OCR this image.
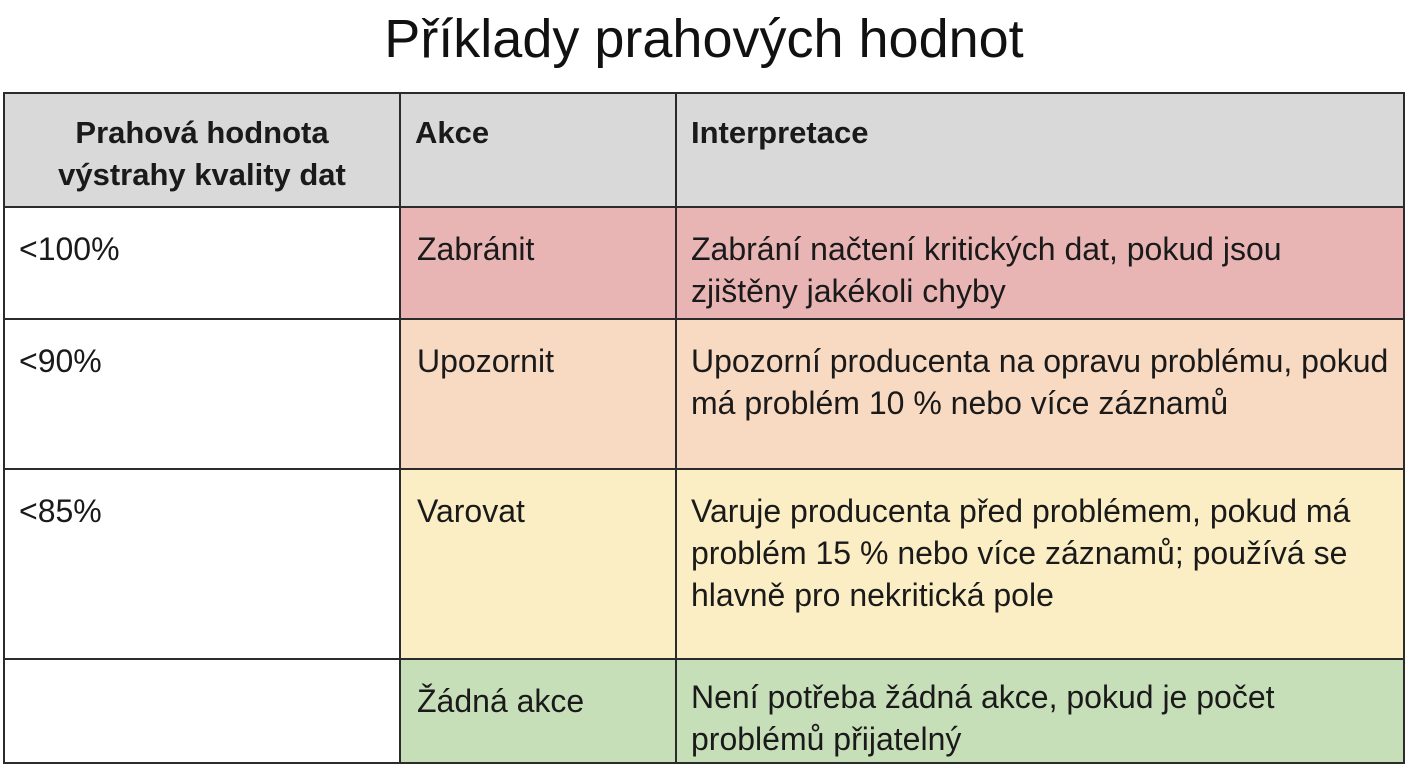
Příklady prahových hodnot
Prahová hodnota výstrahy kvality dat	Akce	Interpretace
<100%	Zabránit	Zabrání načtení kritických dat, pokud jsou zjištěny jakékoli chyby
<90%	Upozornit	Upozorní producenta na opravu problému, pokud má problém 10 % nebo více záznamů
<85%	Varovat	Varuje producenta před problémem, pokud má problém 15 % nebo více záznamů; používá se hlavně pro nekritická pole
	Žádná akce	Není potřeba žádná akce, pokud je počet problémů přijatelný
